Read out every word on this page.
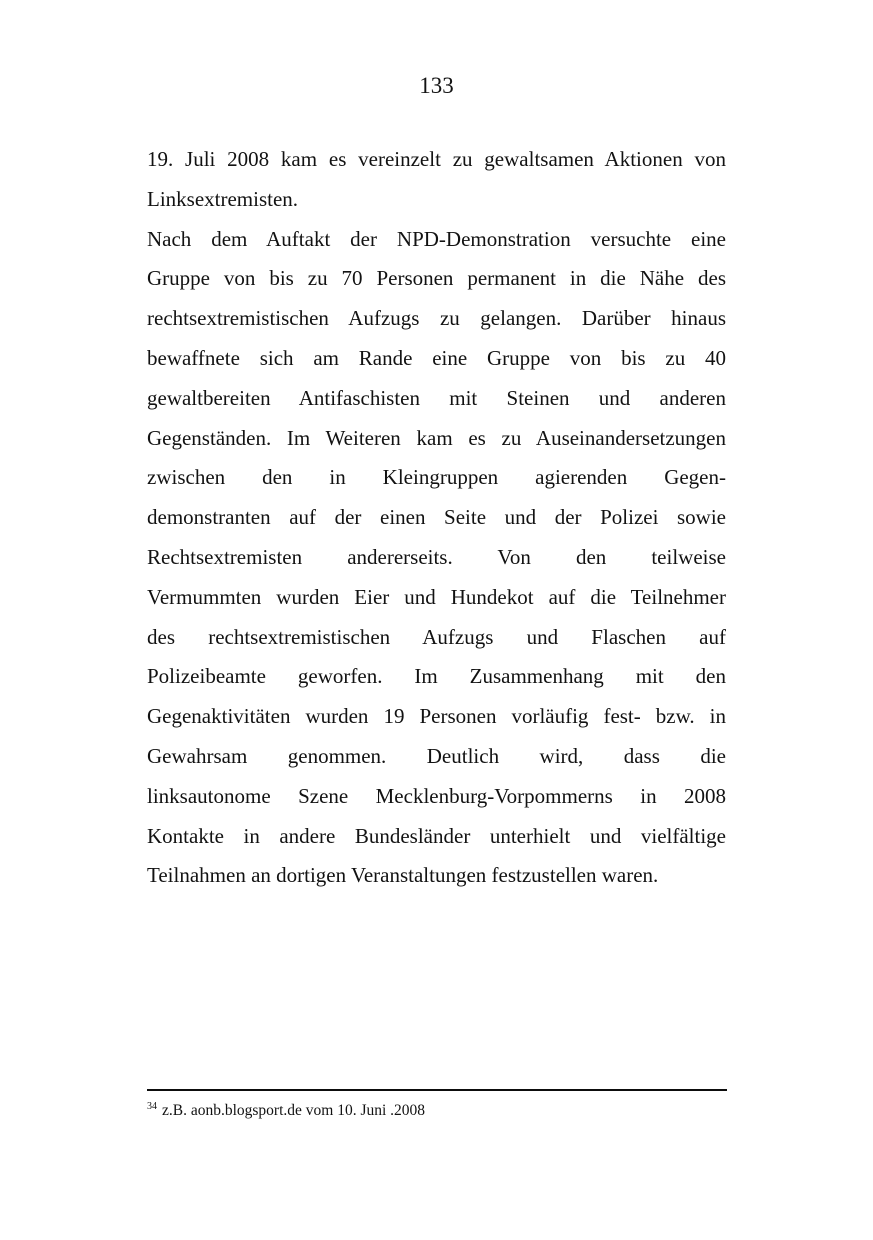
133
19. Juli 2008 kam es vereinzelt zu gewaltsamen Aktionen von
Linksextremisten.
Nach dem Auftakt der NPD-Demonstration versuchte eine
Gruppe von bis zu 70 Personen permanent in die Nähe des
rechtsextremistischen Aufzugs zu gelangen. Darüber hinaus
bewaffnete sich am Rande eine Gruppe von bis zu 40
gewaltbereiten Antifaschisten mit Steinen und anderen
Gegenständen. Im Weiteren kam es zu Auseinandersetzungen
zwischen den in Kleingruppen agierenden Gegen-
demonstranten auf der einen Seite und der Polizei sowie
Rechtsextremisten andererseits. Von den teilweise
Vermummten wurden Eier und Hundekot auf die Teilnehmer
des rechtsextremistischen Aufzugs und Flaschen auf
Polizeibeamte geworfen. Im Zusammenhang mit den
Gegenaktivitäten wurden 19 Personen vorläufig fest- bzw. in
Gewahrsam genommen. Deutlich wird, dass die
linksautonome Szene Mecklenburg-Vorpommerns in 2008
Kontakte in andere Bundesländer unterhielt und vielfältige
Teilnahmen an dortigen Veranstaltungen festzustellen waren.
$^{34}$ z.B. aonb.blogsport.de vom 10. Juni .2008
